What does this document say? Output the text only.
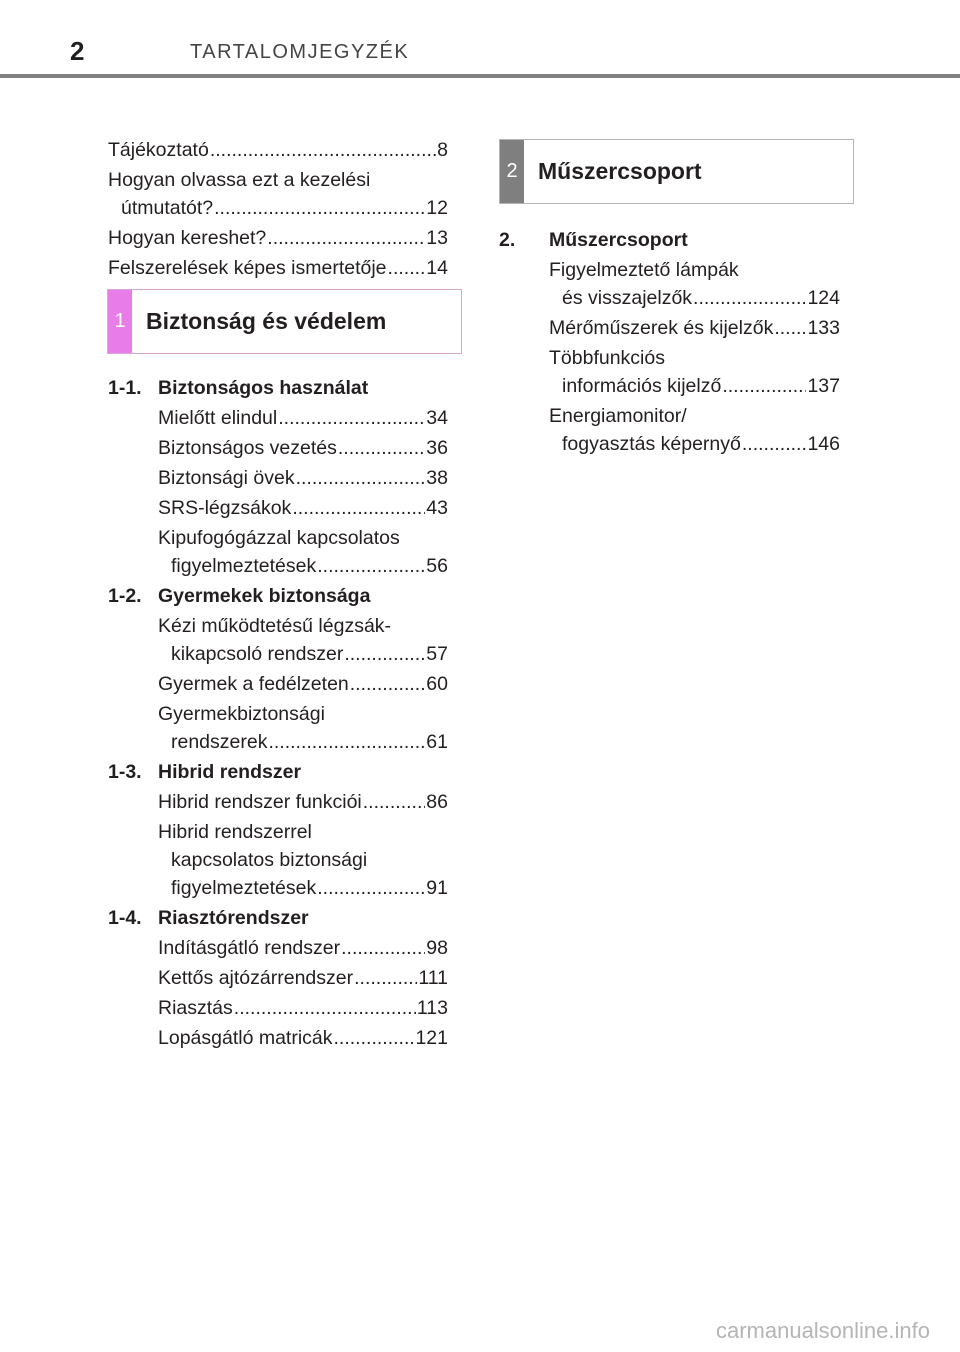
2	TARTALOMJEGYZÉK
Tájékoztató .....	8
Hogyan olvassa ezt a kezelési
útmutatót? .....	12
Hogyan kereshet? .....	13
Felszerelések képes ismertetője ..... 14
1 Biztonság és védelem
1-1. Biztonságos használat
Mielőtt elindul .....	34
Biztonságos vezetés .....	36
Biztonsági övek .....	38
SRS-légzsákok .....	43
Kipufogógázzal kapcsolatos
figyelmeztetések .....	56
1-2. Gyermekek biztonsága
Kézi működtetésű légzsák-
kikapcsoló rendszer .....	57
Gyermek a fedélzeten .....	60
Gyermekbiztonsági
rendszerek .....	61
1-3. Hibrid rendszer
Hibrid rendszer funkciói .....	86
Hibrid rendszerrel
kapcsolatos biztonsági
figyelmeztetések .....	91
1-4. Riasztórendszer
Indításgátló rendszer .....	98
Kettős ajtózárrendszer .....	111
Riasztás .....	113
Lopásgátló matricák .....	121
2 Műszercsoport
2.	Műszercsoport
Figyelmeztető lámpák
és visszajelzők .....	124
Mérőműszerek és kijelzők ..... 133
Többfunkciós
információs kijelző .....	137
Energiamonitor/
fogyasztás képernyő .....	146
carmanualsonline.info
